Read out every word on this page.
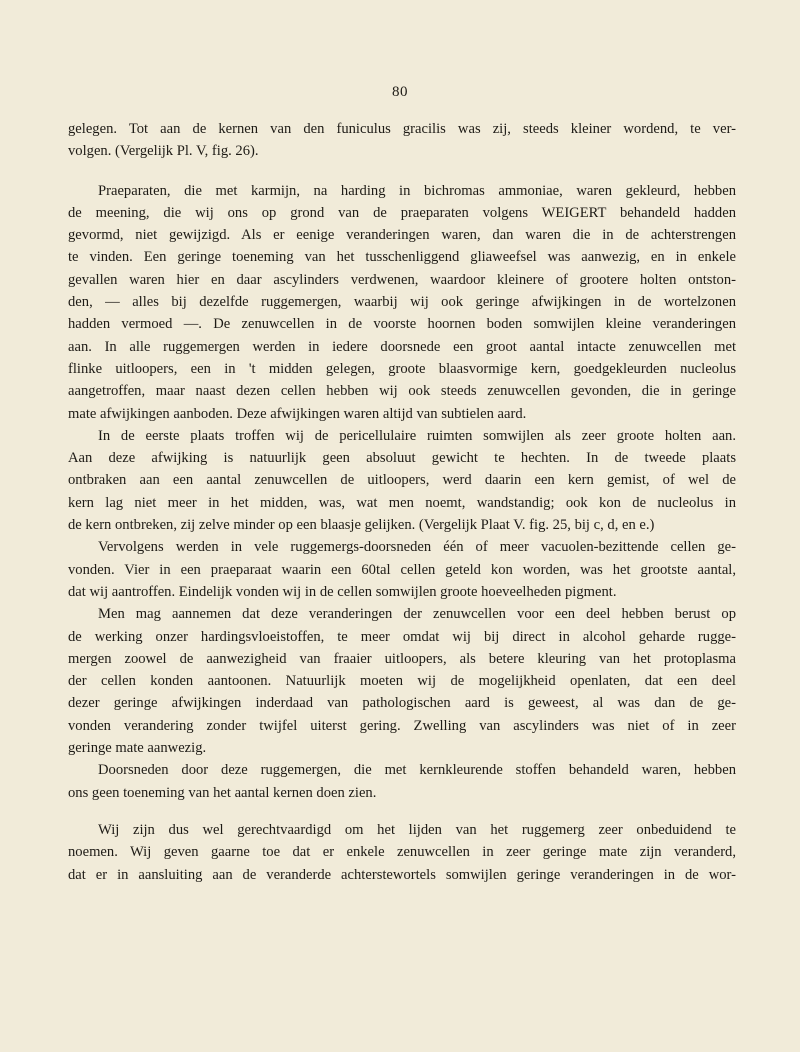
80
gelegen. Tot aan de kernen van den funiculus gracilis was zij, steeds kleiner wordend, te ver-
volgen. (Vergelijk Pl. V, fig. 26).
Praeparaten, die met karmijn, na harding in bichromas ammoniae, waren gekleurd, hebben
de meening, die wij ons op grond van de praeparaten volgens WEIGERT behandeld hadden
gevormd, niet gewijzigd. Als er eenige veranderingen waren, dan waren die in de achterstrengen
te vinden. Een geringe toeneming van het tusschenliggend gliaweefsel was aanwezig, en in enkele
gevallen waren hier en daar ascylinders verdwenen, waardoor kleinere of grootere holten ontston-
den, — alles bij dezelfde ruggemergen, waarbij wij ook geringe afwijkingen in de wortelzonen
hadden vermoed —. De zenuwcellen in de voorste hoornen boden somwijlen kleine veranderingen
aan. In alle ruggemergen werden in iedere doorsnede een groot aantal intacte zenuwcellen met
flinke uitloopers, een in 't midden gelegen, groote blaasvormige kern, goedgekleurden nucleolus
aangetroffen, maar naast dezen cellen hebben wij ook steeds zenuwcellen gevonden, die in geringe
mate afwijkingen aanboden. Deze afwijkingen waren altijd van subtielen aard.
In de eerste plaats troffen wij de pericellulaire ruimten somwijlen als zeer groote holten aan.
Aan deze afwijking is natuurlijk geen absoluut gewicht te hechten. In de tweede plaats
ontbraken aan een aantal zenuwcellen de uitloopers, werd daarin een kern gemist, of wel de
kern lag niet meer in het midden, was, wat men noemt, wandstandig; ook kon de nucleolus in
de kern ontbreken, zij zelve minder op een blaasje gelijken. (Vergelijk Plaat V. fig. 25, bij c, d, en e.)
Vervolgens werden in vele ruggemergs-doorsneden één of meer vacuolen-bezittende cellen ge-
vonden. Vier in een praeparaat waarin een 60tal cellen geteld kon worden, was het grootste aantal,
dat wij aantroffen. Eindelijk vonden wij in de cellen somwijlen groote hoeveelheden pigment.
Men mag aannemen dat deze veranderingen der zenuwcellen voor een deel hebben berust op
de werking onzer hardingsvloeistoffen, te meer omdat wij bij direct in alcohol geharde rugge-
mergen zoowel de aanwezigheid van fraaier uitloopers, als betere kleuring van het protoplasma
der cellen konden aantoonen. Natuurlijk moeten wij de mogelijkheid openlaten, dat een deel
dezer geringe afwijkingen inderdaad van pathologischen aard is geweest, al was dan de ge-
vonden verandering zonder twijfel uiterst gering. Zwelling van ascylinders was niet of in zeer
geringe mate aanwezig.
Doorsneden door deze ruggemergen, die met kernkleurende stoffen behandeld waren, hebben
ons geen toeneming van het aantal kernen doen zien.
Wij zijn dus wel gerechtvaardigd om het lijden van het ruggemerg zeer onbeduidend te
noemen. Wij geven gaarne toe dat er enkele zenuwcellen in zeer geringe mate zijn veranderd,
dat er in aansluiting aan de veranderde achterstewortels somwijlen geringe veranderingen in de wor-
